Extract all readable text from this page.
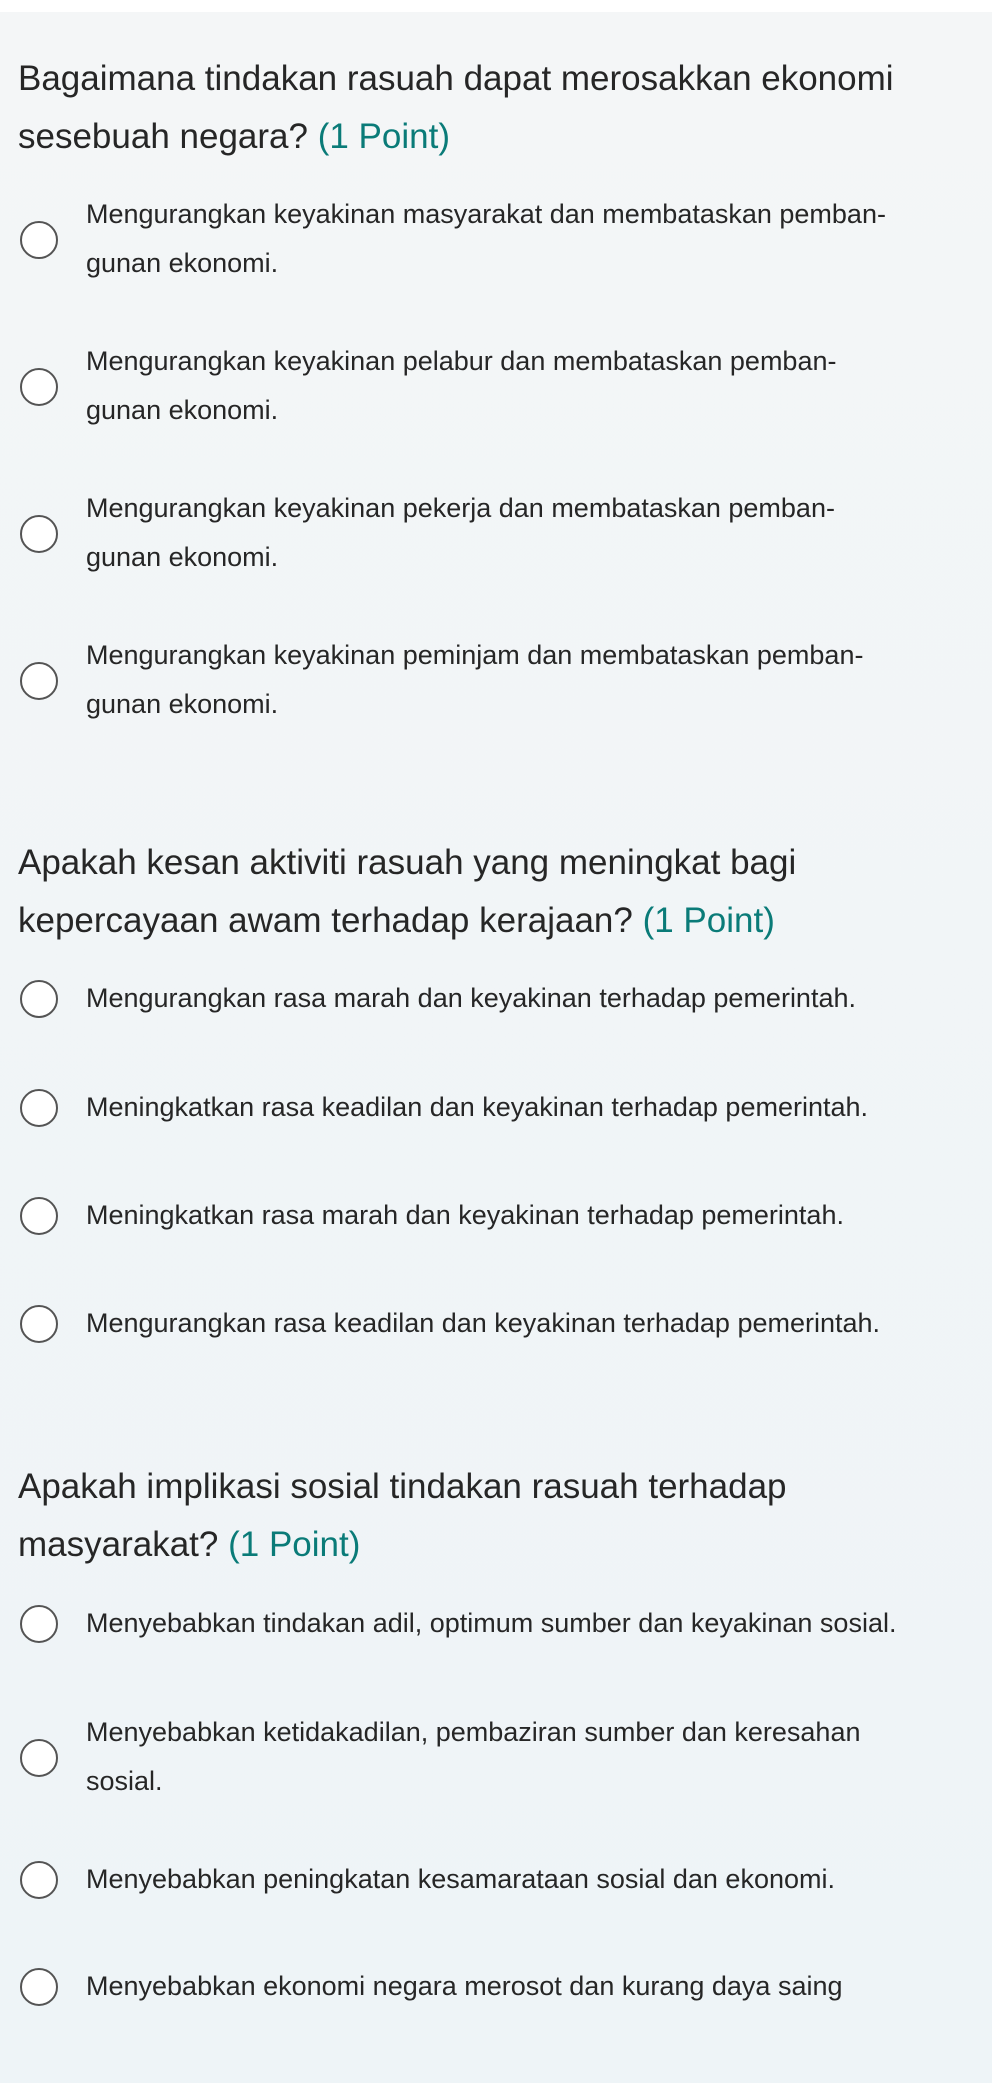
Bagaimana tindakan rasuah dapat merosakkan ekonomi sesebuah negara? (1 Point)

Mengurangkan keyakinan masyarakat dan membataskan pemban-
gunan ekonomi.
Mengurangkan keyakinan pelabur dan membataskan pemban-
gunan ekonomi.
Mengurangkan keyakinan pekerja dan membataskan pemban-
gunan ekonomi.
Mengurangkan keyakinan peminjam dan membataskan pemban-
gunan ekonomi.

Apakah kesan aktiviti rasuah yang meningkat bagi kepercayaan awam terhadap kerajaan? (1 Point)

Mengurangkan rasa marah dan keyakinan terhadap pemerintah.
Meningkatkan rasa keadilan dan keyakinan terhadap pemerintah.
Meningkatkan rasa marah dan keyakinan terhadap pemerintah.
Mengurangkan rasa keadilan dan keyakinan terhadap pemerintah.

Apakah implikasi sosial tindakan rasuah terhadap masyarakat? (1 Point)

Menyebabkan tindakan adil, optimum sumber dan keyakinan sosial.
Menyebabkan ketidakadilan, pembaziran sumber dan keresahan
sosial.
Menyebabkan peningkatan kesamarataan sosial dan ekonomi.
Menyebabkan ekonomi negara merosot dan kurang daya saing
